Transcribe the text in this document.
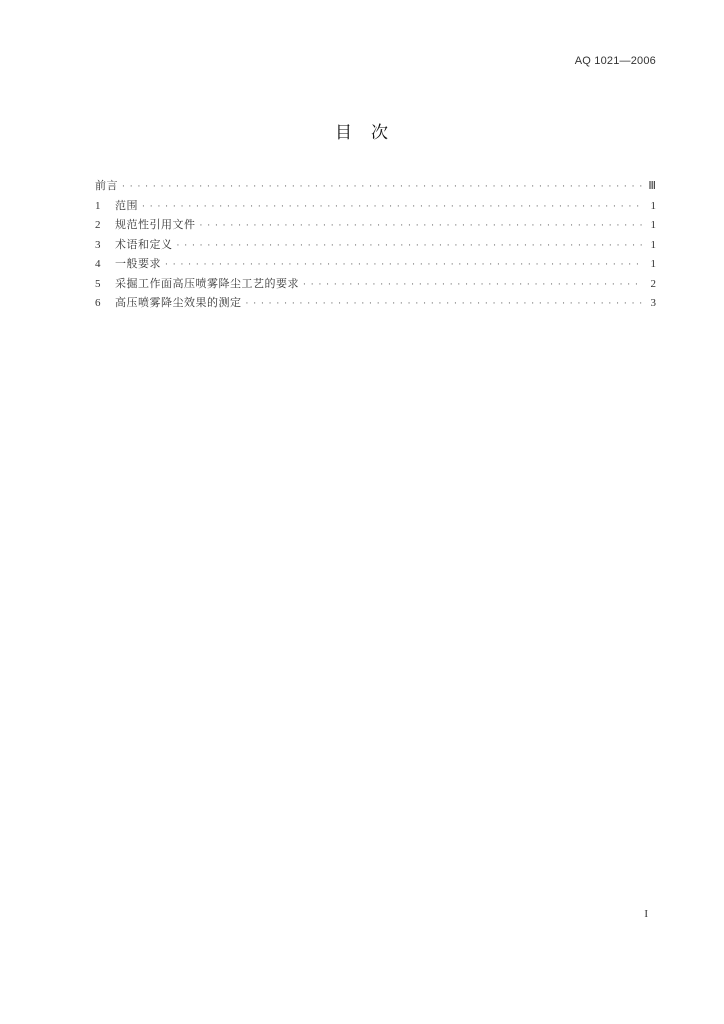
AQ 1021—2006
目　次
前言 · · ·	Ⅲ
1	范围 · · ·	1
2	规范性引用文件 · · ·	1
3	术语和定义 · · ·	1
4	一般要求 · · ·	1
5	采掘工作面高压喷雾降尘工艺的要求 · · ·	2
6	高压喷雾降尘效果的测定 · · ·	3
I
